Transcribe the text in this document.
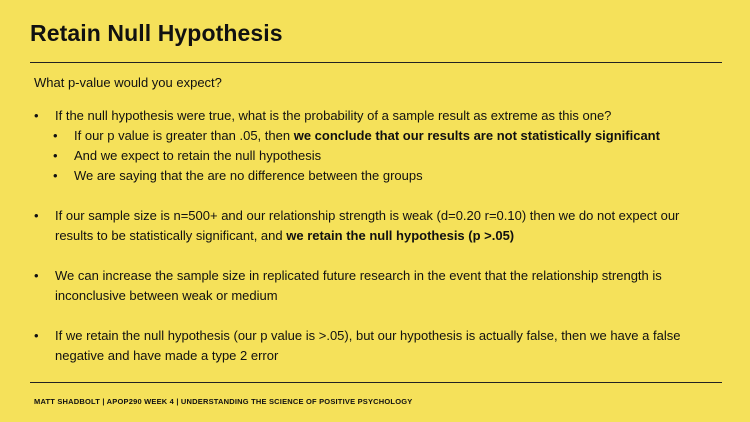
Retain Null Hypothesis
What p-value would you expect?
• If the null hypothesis were true, what is the probability of a sample result as extreme as this one?
• If our p value is greater than .05, then we conclude that our results are not statistically significant
• And we expect to retain the null hypothesis
• We are saying that the are no difference between the groups
• If our sample size is n=500+ and our relationship strength is weak (d=0.20 r=0.10) then we do not expect our results to be statistically significant, and we retain the null hypothesis (p >.05)
• We can increase the sample size in replicated future research in the event that the relationship strength is inconclusive between weak or medium
• If we retain the null hypothesis (our p value is >.05), but our hypothesis is actually false, then we have a false negative and have made a type 2 error
MATT SHADBOLT | APOP290 WEEK 4 | UNDERSTANDING THE SCIENCE OF POSITIVE PSYCHOLOGY
